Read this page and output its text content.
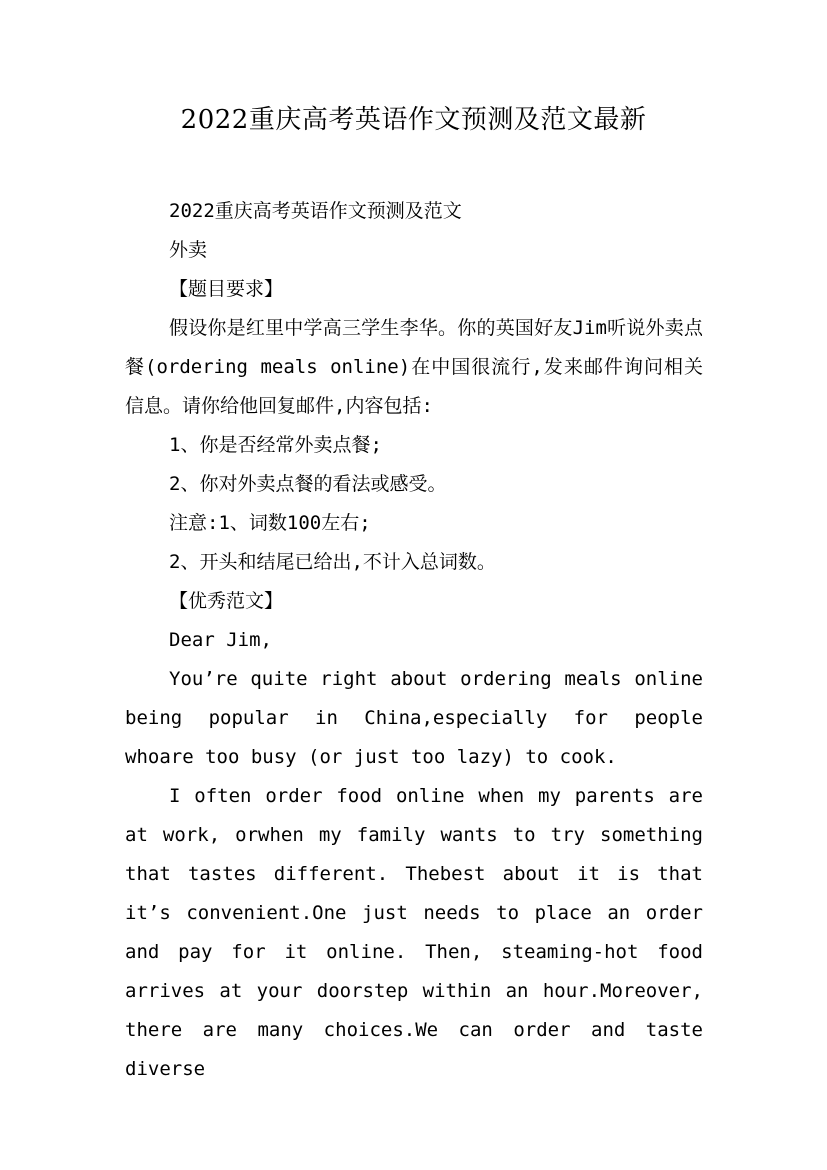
2022重庆高考英语作文预测及范文最新

2022重庆高考英语作文预测及范文

外卖

【题目要求】

假设你是红里中学高三学生李华。你的英国好友Jim听说外卖点餐(ordering meals online)在中国很流行,发来邮件询问相关信息。请你给他回复邮件,内容包括:

1、你是否经常外卖点餐;

2、你对外卖点餐的看法或感受。

注意:1、词数100左右;

2、开头和结尾已给出,不计入总词数。

【优秀范文】

Dear Jim,

You’re quite right about ordering meals online being popular in China,especially for people whoare too busy (or just too lazy) to cook.

I often order food online when my parents are at work, orwhen my family wants to try something that tastes different. Thebest about it is that it’s convenient.One just needs to place an order and pay for it online. Then, steaming-hot food arrives at your doorstep within an hour.Moreover, there are many choices.We can order and taste diverse
